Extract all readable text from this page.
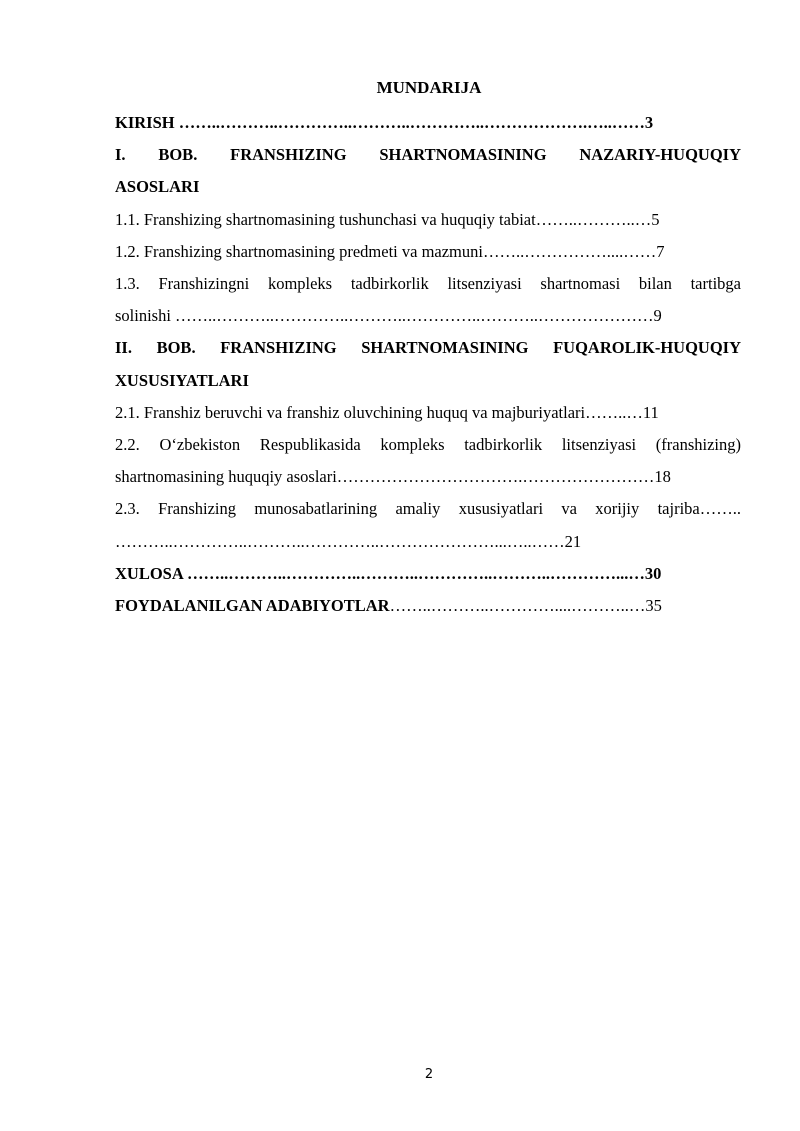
MUNDARIJA
KIRISH ……..………..…………..………..…………..……………….…..……3
I. BOB. FRANSHIZING SHARTNOMASINING NAZARIY-HUQUQIY
ASOSLARI
1.1. Franshizing shartnomasining tushunchasi va huquqiy tabiat……..………..…5
1.2. Franshizing shartnomasining predmeti va mazmuni……..……………....……7
1.3. Franshizingni kompleks tadbirkorlik litsenziyasi shartnomasi bilan tartibga
solinishi ……..………..…………..………..…………..………..…………………9
II. BOB. FRANSHIZING SHARTNOMASINING FUQAROLIK-HUQUQIY
XUSUSIYATLARI
2.1. Franshiz beruvchi va franshiz oluvchining huquq va majburiyatlari……..…11
2.2. O‘zbekiston Respublikasida kompleks tadbirkorlik litsenziyasi (franshizing)
shartnomasining huquqiy asoslari…………………………….……………………18
2.3. Franshizing munosabatlarining amaliy xususiyatlari va xorijiy tajriba……..
………..…………..………..…………..…………………...…..……21
XULOSA ……..………..…………..………..…………..………..…………...…30
FOYDALANILGAN ADABIYOTLAR……..………..…………....………..…35
2
